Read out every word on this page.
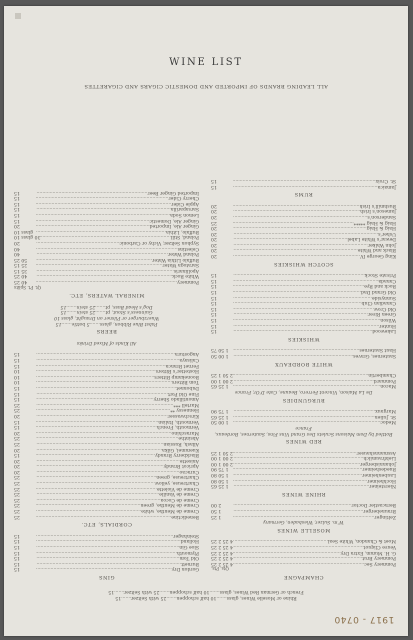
WINE LIST
Rhine or Moselle Wines, glass.......10 half schoppen.......25 with Seltzer.......15
French or German Red Wines, glass.......10 half schoppen.......25 with Seltzer.......15
CHAMPAGNE
Qts. Pts.
Pommery Sec
.....
4 25 2 25
Pommery Brut
.....
4 25 2 25
G. H. Mumm, Extra Dry
.....
4 25 2 25
Veuve Cliquot
.....
4 25 2 25
Moet & Chandon, White Seal
.....
4 25 2 25
MOSELLE WINES
W’m. Sulzer, Wiesbaden, Germany
Zeltinger
.....
1 25
Brauneberger
.....
1 50
Berncastler Doctor
.....
2 00
RHINE WINES
Niersteiner
.....
1 25 65
Hochheimer
.....
1 50 80
Laubenheimer
.....
1 50 80
Ruedesheimer
.....
1 75 90
Johannisberger
.....
2 00 1 00
Liebfraumilch
.....
2 00 1 00
Assmannshauser
.....
2 50 1 25
RED WINES
Bottled by Dom Maisons Sculets Des Grand Vins Fins, Sauternes, Bordeaux, France
Medoc
.....
1 00 50
St. Julien
.....
1 25 65
Margaux
.....
1 75 90
BURGUNDIES
De La Maison, Vincent Ferrero, Beaune, Cote D’Or, France
Macon
.....
1 25 65
Pommard
.....
2 00 1 00
Chambertin
.....
2 50 1 25
WHITE BORDEAUX
Sauternes, Graves
.....
1 00 50
Haut Sauternes
.....
1 50 75
WHISKIES
Lakewood
.....
15
Hunter
.....
15
Wilson
.....
15
Green River
.....
15
Old Crow
.....
15
Canadian Club
.....
15
Sunnyside
.....
15
Old Grand Dad
.....
15
Rock and Rye
.....
15
Canada
.....
15
Private Stock
.....
15
SCOTCH WHISKIES
King George IV
.....
20
Black and White
.....
20
John Walker
.....
20
Dewar’s White Label
.....
20
Usher’s
.....
20
Haig & Haig
.....
20
Haig & Haig *****
.....
25
Sanderson’s
.....
20
Jameson’s Irish
.....
20
Bushmill’s Irish
.....
20
RUMS
Jamaica
.....
15
St. Croix
.....
15
GINS
Gordon Dry
.....
15
Burnett
.....
15
Old Tom
.....
15
Plymouth
.....
15
Sloe Gin
.....
15
Holland
.....
15
Steinhager
.....
15
CORDIALS, ETC.
Benedictine
.....
25
Creme de Menthe, white
.....
25
Creme de Menthe, green
.....
25
Creme de Cocoa
.....
25
Creme de Vanille
.....
25
Creme de Violette
.....
25
Chartreuse, yellow
.....
25
Chartreuse, green
.....
25
Curacao
.....
20
Apricot Brandy
.....
20
Anisette
.....
20
Blackberry Brandy
.....
15
Kuemmel, Gilka
.....
20
Allash, Russian
.....
25
Absinthe
.....
25
Maraschino
.....
20
Vermouth, French
.....
15
Vermouth, Italian
.....
15
Kirschwasser
.....
20
Hennessy **
.....
25
Martell ***
.....
25
Amontillado Sherry
.....
15
Fine Old Port
.....
15
Dubonnet
.....
15
Tom Bitters
.....
10
Boonekamp Bitters
.....
10
Hostetter’s Bitters
.....
10
Fernet Branca
.....
15
Calisaya
.....
15
Angostura
.....
15
All Kinds of Mixed Drinks
BEERS
Pabst Blue Ribbon, glass.......5 bottle.......15
Wuerzburger or Pilsner on Draught, glass 10
Guinness’s Stout, pt.......25 stein.......15
Dog’s Head Bass, pt.......25 stein.......15
MINERAL WATERS, ETC.
Qt. Pt. Splits
Pommery
.....
40 25
White Rock
.....
40 25
Apollinaris
.....
35 15
Saratoga Water
.....
25 15
Buffalo Lithia Water
.....
50 25
Poland Water
.....
40
Celestins
.....
40
Syphon Seltzer, Vichy or Carbonic
.....
20
Poland, Still
.....
30 glass 10
Buffalo, Lithia
.....
glass 10
Ginger Ale, Imported
.....
20
Ginger Ale, Domestic
.....
15
Lemon Soda
.....
15
Sarsaparilla
.....
15
Apple Cider
.....
15
Cherry Cider
.....
15
Imported Ginger Beer
.....
15
ALL LEADING BRANDS OF IMPORTED AND DOMESTIC CIGARS AND CIGARETTES
1917 - 0740
